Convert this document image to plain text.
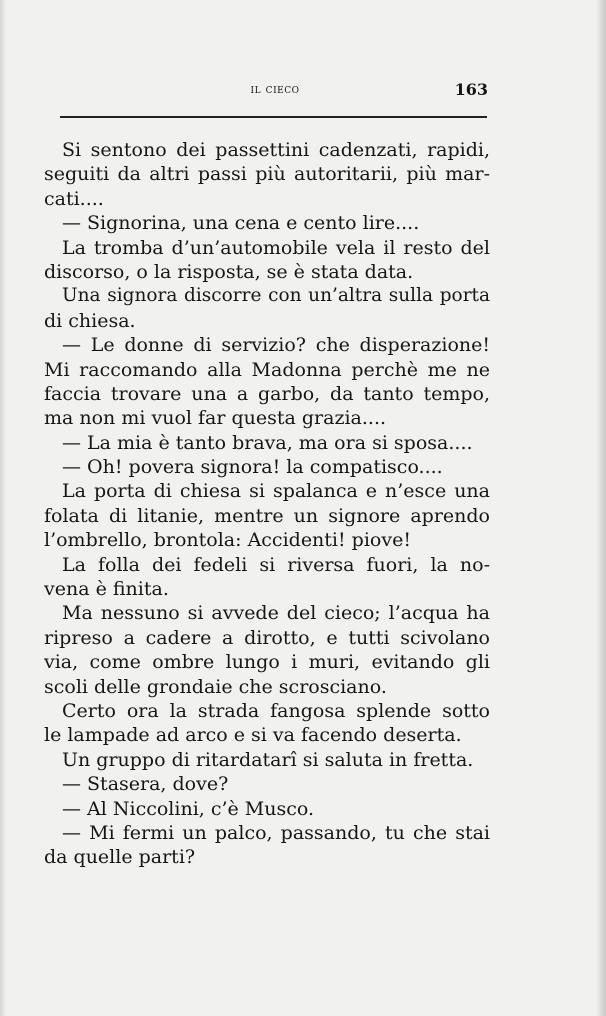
il cieco	163
Si sentono dei passettini cadenzati, rapidi,
seguiti da altri passi più autoritarii, più mar-
cati....
— Signorina, una cena e cento lire....
La tromba d’un’automobile vela il resto del
discorso, o la risposta, se è stata data.
Una signora discorre con un’altra sulla porta
di chiesa.
— Le donne di servizio? che disperazione!
Mi raccomando alla Madonna perchè me ne
faccia trovare una a garbo, da tanto tempo,
ma non mi vuol far questa grazia....
— La mia è tanto brava, ma ora si sposa....
— Oh! povera signora! la compatisco....
La porta di chiesa si spalanca e n’esce una
folata di litanie, mentre un signore aprendo
l’ombrello, brontola: Accidenti! piove!
La folla dei fedeli si riversa fuori, la no-
vena è finita.
Ma nessuno si avvede del cieco; l’acqua ha
ripreso a cadere a dirotto, e tutti scivolano
via, come ombre lungo i muri, evitando gli
scoli delle grondaie che scrosciano.
Certo ora la strada fangosa splende sotto
le lampade ad arco e si va facendo deserta.
Un gruppo di ritardatarî si saluta in fretta.
— Stasera, dove?
— Al Niccolini, c’è Musco.
— Mi fermi un palco, passando, tu che stai
da quelle parti?
